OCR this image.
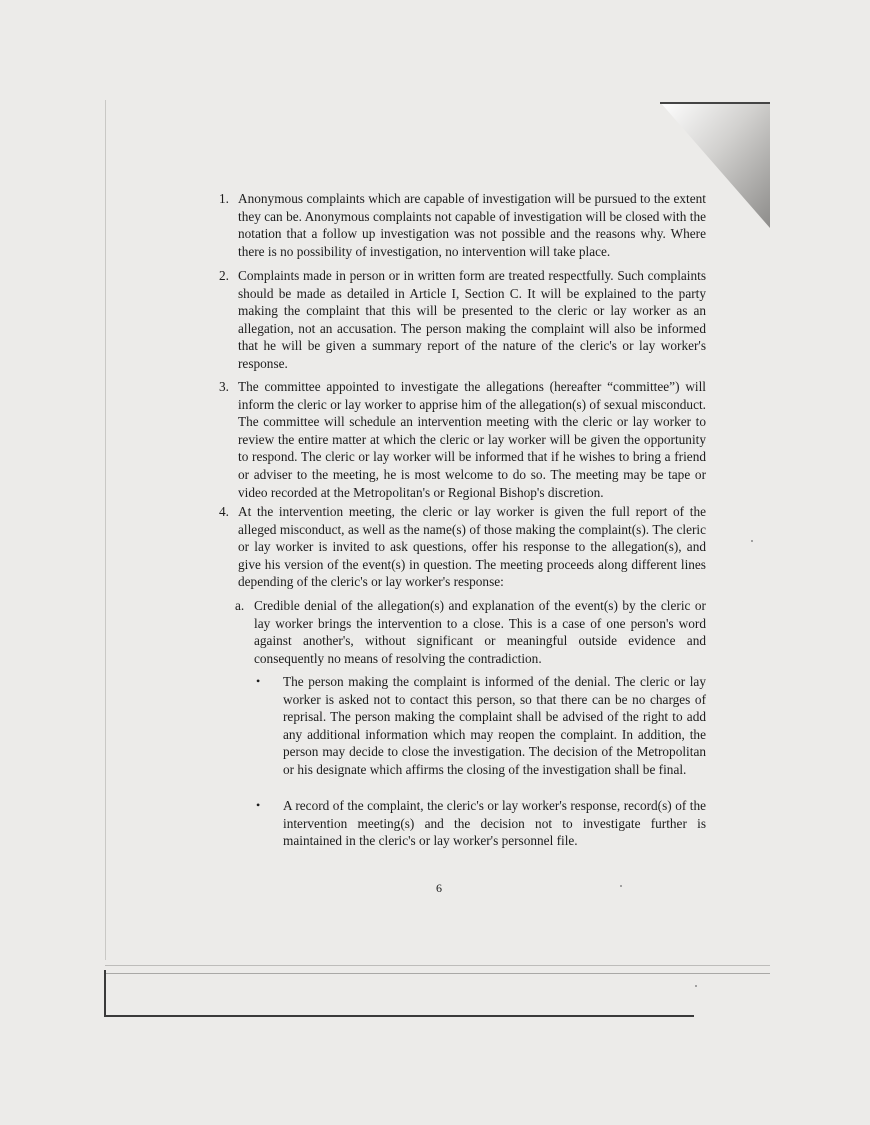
1. Anonymous complaints which are capable of investigation will be pursued to the extent they can be. Anonymous complaints not capable of investigation will be closed with the notation that a follow up investigation was not possible and the reasons why. Where there is no possibility of investigation, no intervention will take place.

2. Complaints made in person or in written form are treated respectfully. Such complaints should be made as detailed in Article I, Section C. It will be explained to the party making the complaint that this will be presented to the cleric or lay worker as an allegation, not an accusation. The person making the complaint will also be informed that he will be given a summary report of the nature of the cleric's or lay worker's response.

3. The committee appointed to investigate the allegations (hereafter “committee”) will inform the cleric or lay worker to apprise him of the allegation(s) of sexual misconduct. The committee will schedule an intervention meeting with the cleric or lay worker to review the entire matter at which the cleric or lay worker will be given the opportunity to respond. The cleric or lay worker will be informed that if he wishes to bring a friend or adviser to the meeting, he is most welcome to do so. The meeting may be tape or video recorded at the Metropolitan's or Regional Bishop's discretion.

4. At the intervention meeting, the cleric or lay worker is given the full report of the alleged misconduct, as well as the name(s) of those making the complaint(s). The cleric or lay worker is invited to ask questions, offer his response to the allegation(s), and give his version of the event(s) in question. The meeting proceeds along different lines depending of the cleric's or lay worker's response:

a. Credible denial of the allegation(s) and explanation of the event(s) by the cleric or lay worker brings the intervention to a close. This is a case of one person's word against another's, without significant or meaningful outside evidence and consequently no means of resolving the contradiction.

• The person making the complaint is informed of the denial. The cleric or lay worker is asked not to contact this person, so that there can be no charges of reprisal. The person making the complaint shall be advised of the right to add any additional information which may reopen the complaint. In addition, the person may decide to close the investigation. The decision of the Metropolitan or his designate which affirms the closing of the investigation shall be final.

• A record of the complaint, the cleric's or lay worker's response, record(s) of the intervention meeting(s) and the decision not to investigate further is maintained in the cleric's or lay worker's personnel file.

6
